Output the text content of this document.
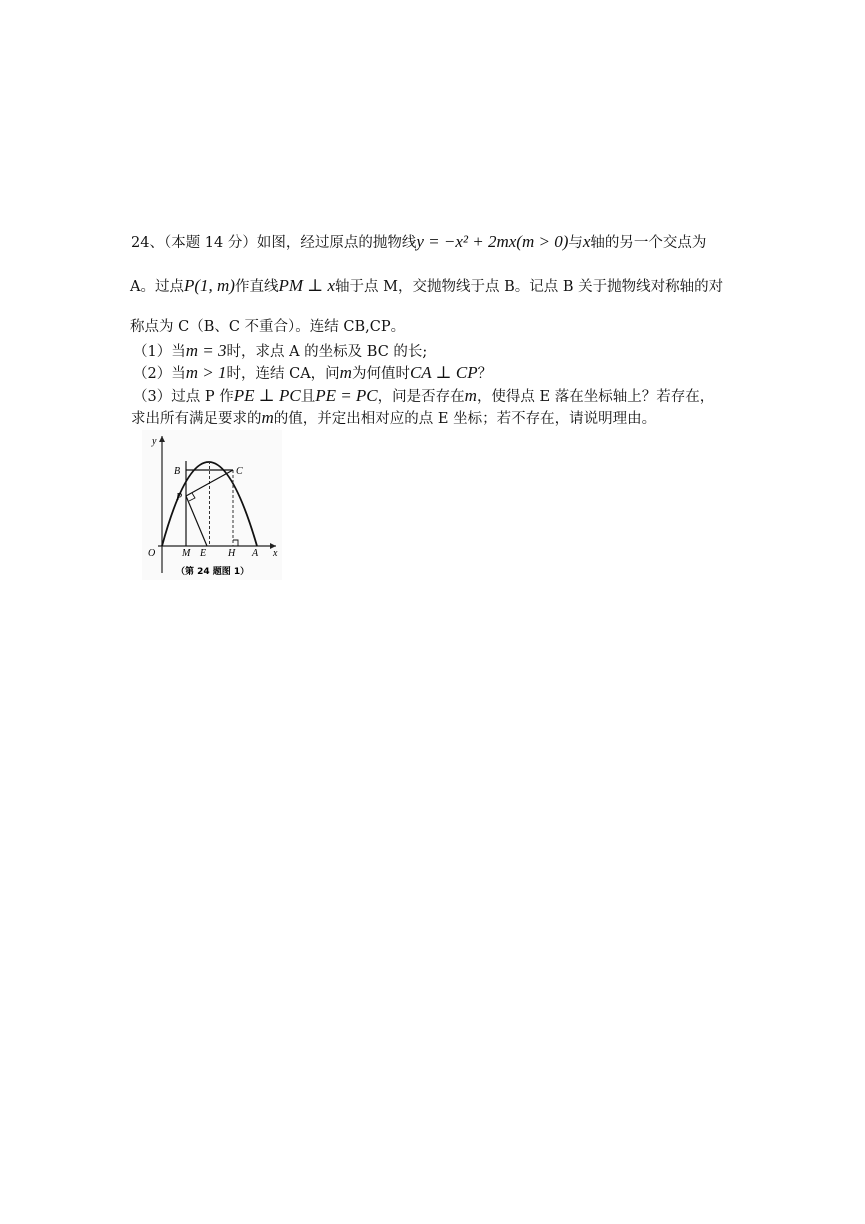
24、（本题 14 分）如图，经过原点的抛物线y = −x² + 2mx(m > 0)与x轴的另一个交点为
A。过点P(1, m)作直线PM ⊥ x轴于点 M，交抛物线于点 B。记点 B 关于抛物线对称轴的对
称点为 C（B、C 不重合）。连结 CB,CP。
（1）当m = 3时，求点 A 的坐标及 BC 的长;
（2）当m > 1时，连结 CA，问m为何值时CA ⊥ CP？
（3）过点 P 作PE ⊥ PC且PE = PC，问是否存在m，使得点 E 落在坐标轴上？若存在，
求出所有满足要求的m的值，并定出相对应的点 E 坐标；若不存在，请说明理由。
y
x
O
B	C
P
M E H A
（第 24 题图 1）
